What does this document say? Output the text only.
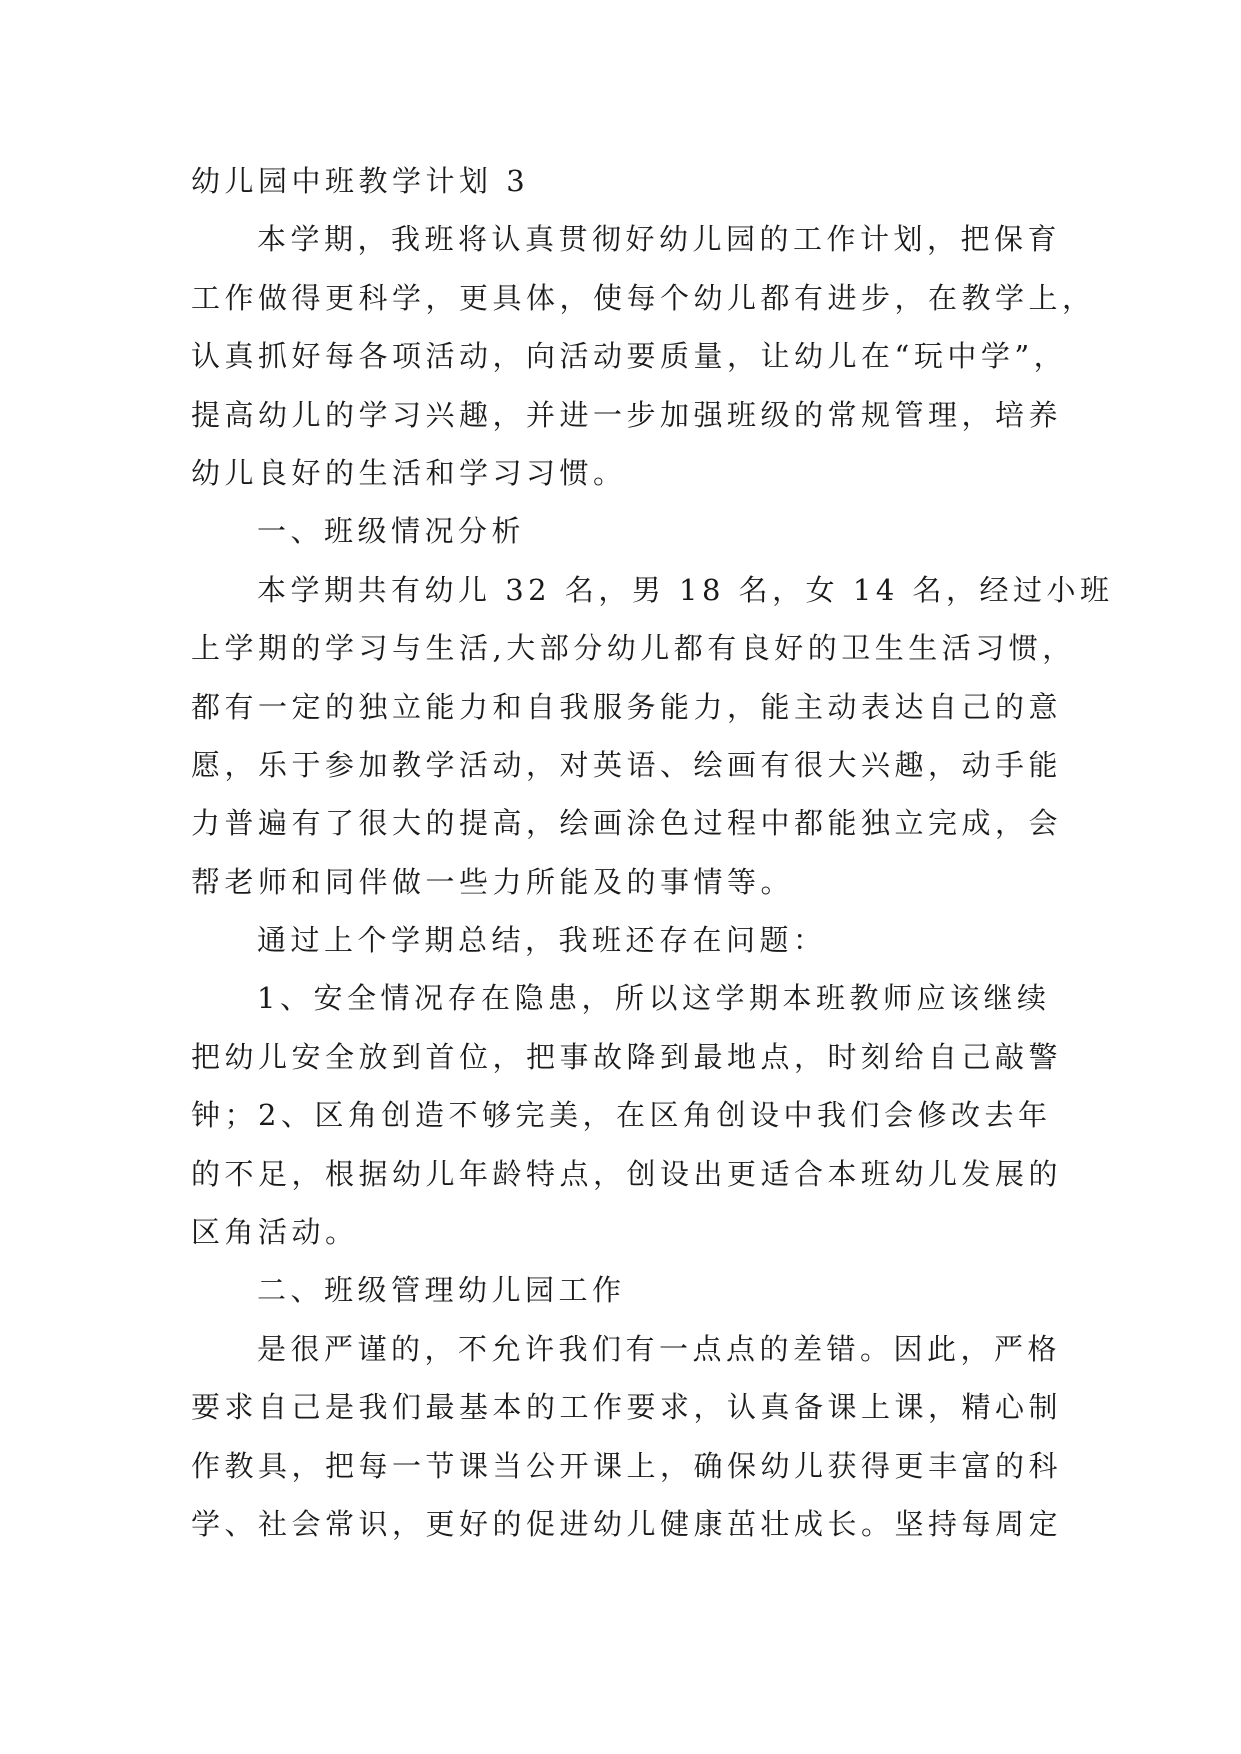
幼儿园中班教学计划 3
本学期，我班将认真贯彻好幼儿园的工作计划，把保育
工作做得更科学，更具体，使每个幼儿都有进步，在教学上，
认真抓好每各项活动，向活动要质量，让幼儿在“玩中学”，
提高幼儿的学习兴趣，并进一步加强班级的常规管理，培养
幼儿良好的生活和学习习惯。
一、班级情况分析
本学期共有幼儿 32 名，男 18 名，女 14 名，经过小班
上学期的学习与生活,大部分幼儿都有良好的卫生生活习惯，
都有一定的独立能力和自我服务能力，能主动表达自己的意
愿，乐于参加教学活动，对英语、绘画有很大兴趣，动手能
力普遍有了很大的提高，绘画涂色过程中都能独立完成，会
帮老师和同伴做一些力所能及的事情等。
通过上个学期总结，我班还存在问题：
1、安全情况存在隐患，所以这学期本班教师应该继续
把幼儿安全放到首位，把事故降到最地点，时刻给自己敲警
钟；2、区角创造不够完美，在区角创设中我们会修改去年
的不足，根据幼儿年龄特点，创设出更适合本班幼儿发展的
区角活动。
二、班级管理幼儿园工作
是很严谨的，不允许我们有一点点的差错。因此，严格
要求自己是我们最基本的工作要求，认真备课上课，精心制
作教具，把每一节课当公开课上，确保幼儿获得更丰富的科
学、社会常识，更好的促进幼儿健康茁壮成长。坚持每周定
